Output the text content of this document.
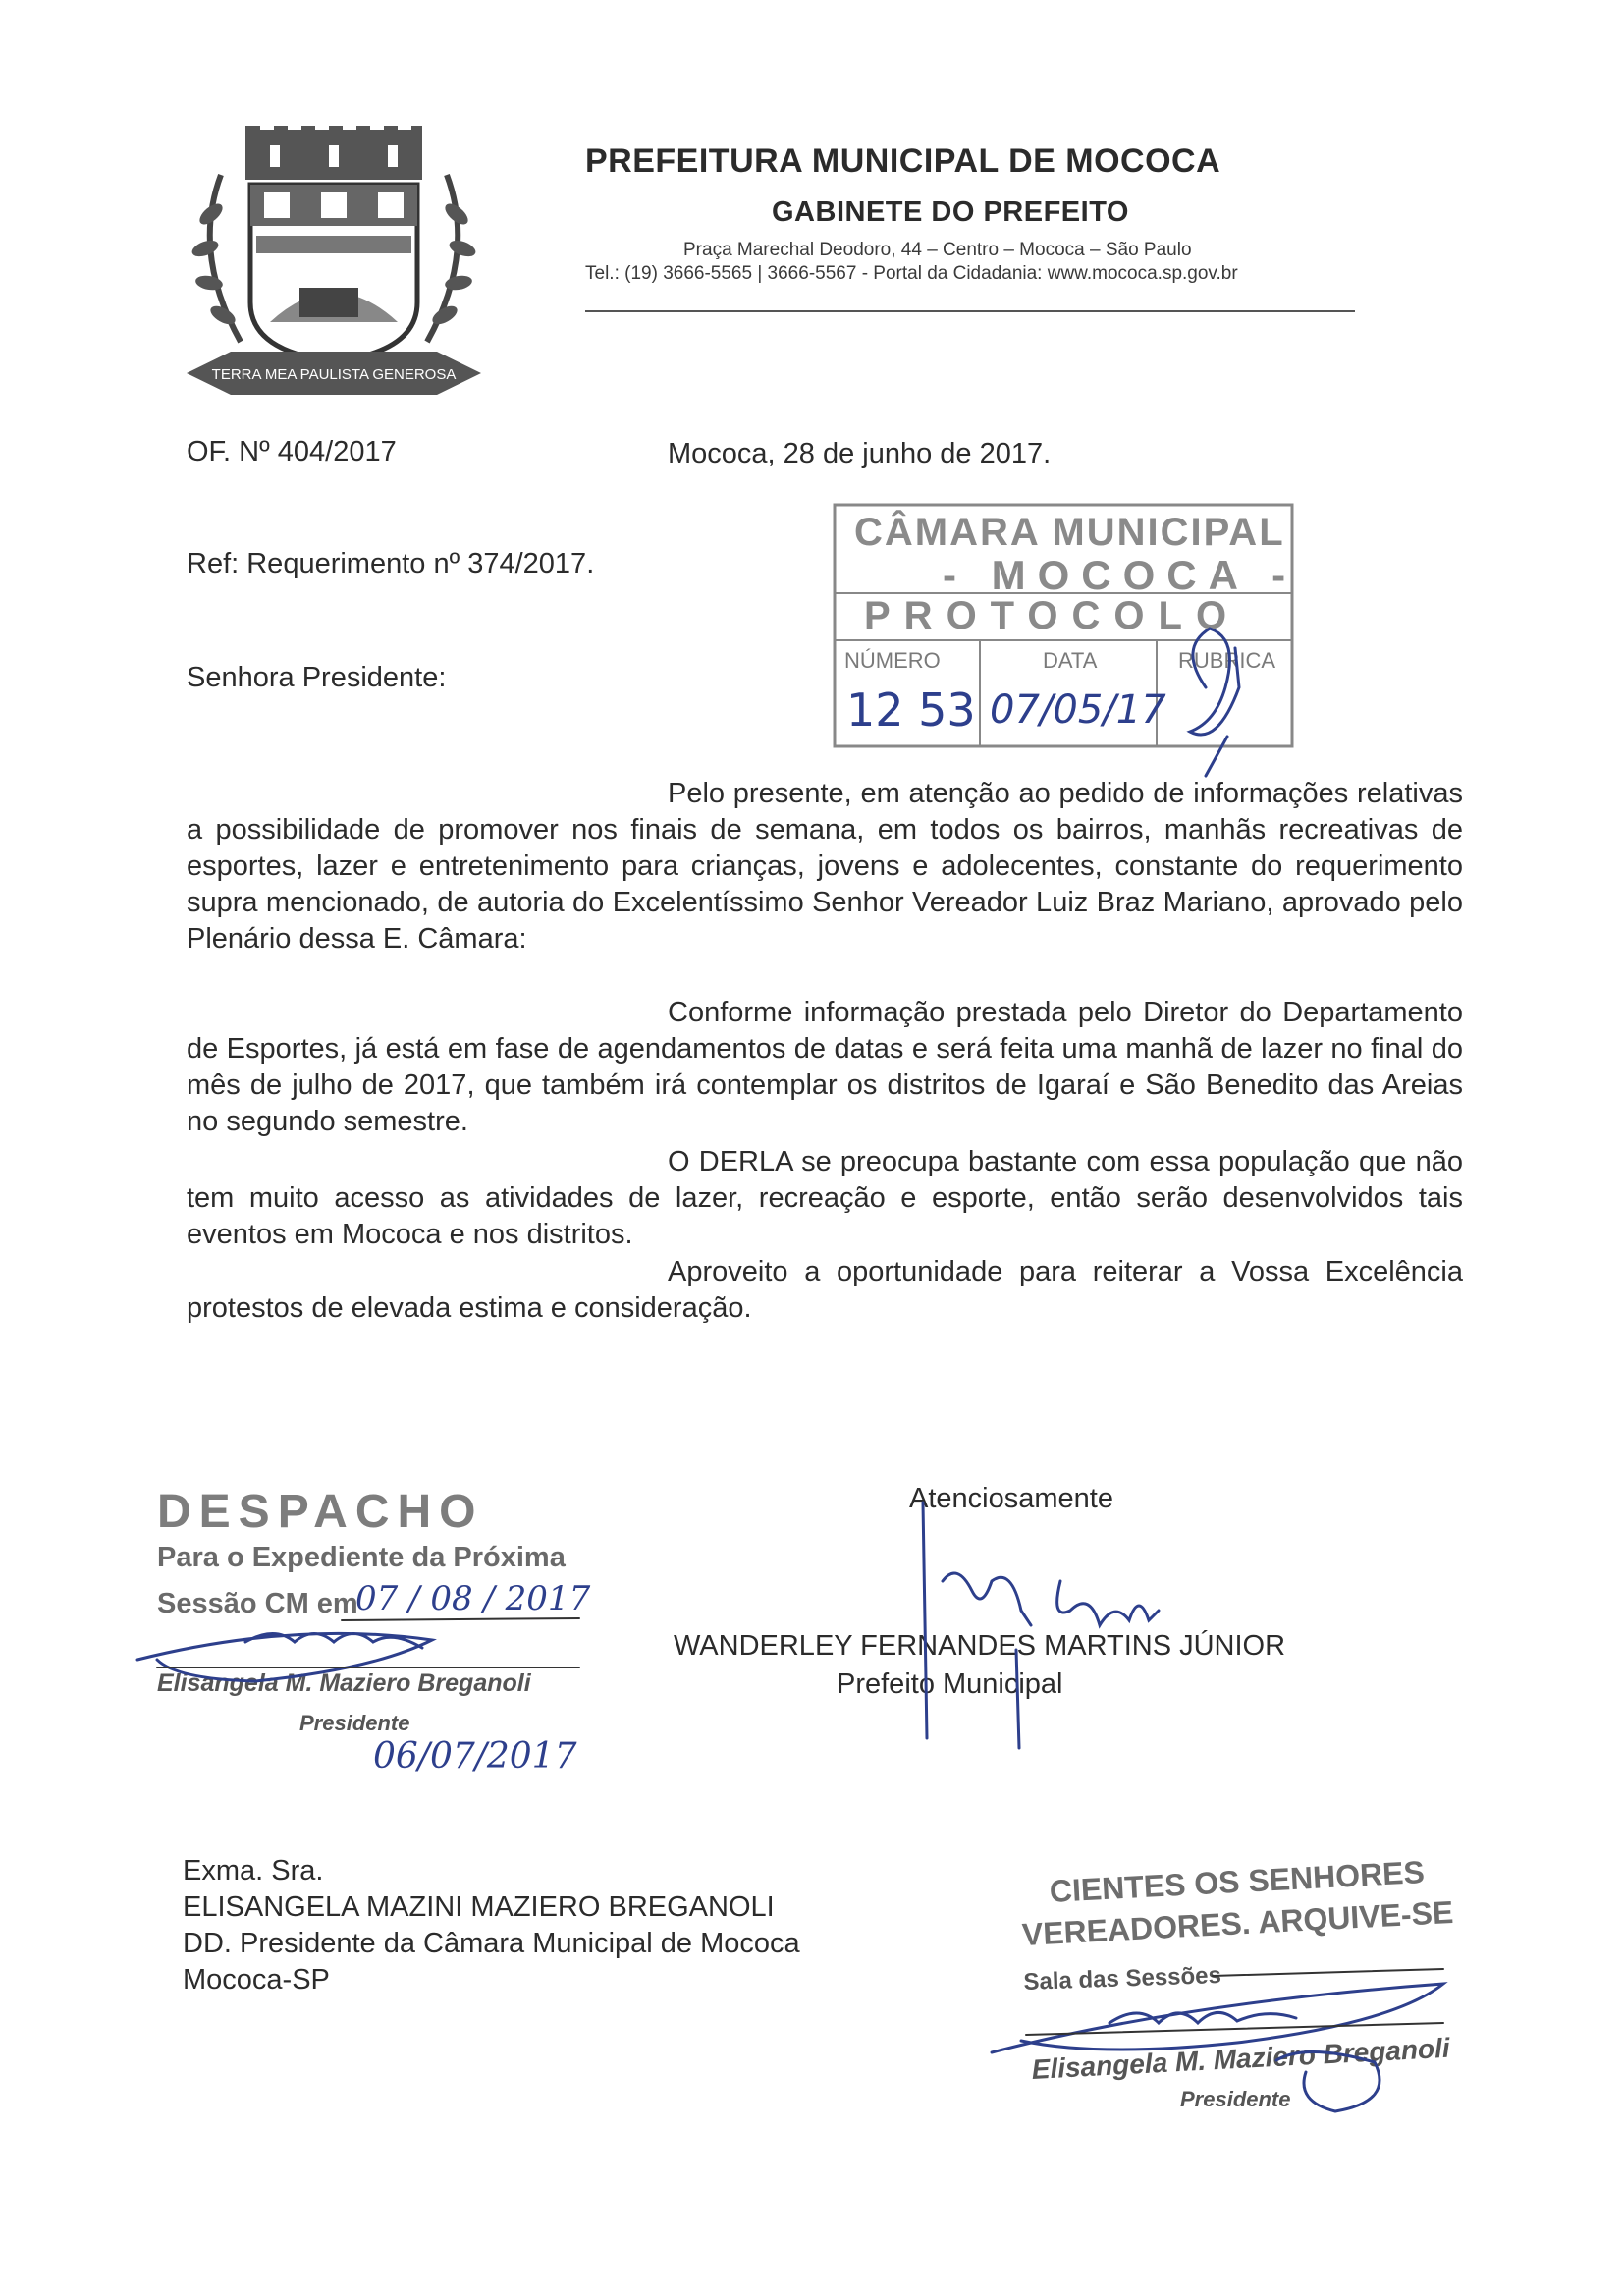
TERRA MEA PAULISTA GENEROSA
PREFEITURA MUNICIPAL DE MOCOCA
GABINETE DO PREFEITO
Praça Marechal Deodoro, 44 – Centro – Mococa – São Paulo
Tel.: (19) 3666-5565 | 3666-5567 - Portal da Cidadania: www.mococa.sp.gov.br
OF. Nº 404/2017	Mococa, 28 de junho de 2017.
Ref: Requerimento nº 374/2017.
Senhora Presidente:
CÂMARA MUNICIPAL
- MOCOCA -
PROTOCOLO
NÚMERO	DATA	RUBRICA
12 53 07/05/17
Pelo presente, em atenção ao pedido de informações relativas a possibilidade de promover nos finais de semana, em todos os bairros, manhãs recreativas de esportes, lazer e entretenimento para crianças, jovens e adolecentes, constante do requerimento supra mencionado, de autoria do Excelentíssimo Senhor Vereador Luiz Braz Mariano, aprovado pelo Plenário dessa E. Câmara:
Conforme informação prestada pelo Diretor do Departamento de Esportes, já está em fase de agendamentos de datas e será feita uma manhã de lazer no final do mês de julho de 2017, que também irá contemplar os distritos de Igaraí e São Benedito das Areias no segundo semestre.
O DERLA se preocupa bastante com essa população que não tem muito acesso as atividades de lazer, recreação e esporte, então serão desenvolvidos tais eventos em Mococa e nos distritos.
Aproveito a oportunidade para reiterar a Vossa Excelência protestos de elevada estima e consideração.
DESPACHO
Para o Expediente da Próxima
Sessão CM em
07 / 08 / 2017
Elisangela M. Maziero Breganoli
Presidente
06/07/2017
Atenciosamente
WANDERLEY FERNANDES MARTINS JÚNIOR
Prefeito Municipal
Exma. Sra.
ELISANGELA MAZINI MAZIERO BREGANOLI
DD. Presidente da Câmara Municipal de Mococa
Mococa-SP
CIENTES OS SENHORES
VEREADORES. ARQUIVE-SE
Sala das Sessões
Elisangela M. Maziero Breganoli
Presidente
